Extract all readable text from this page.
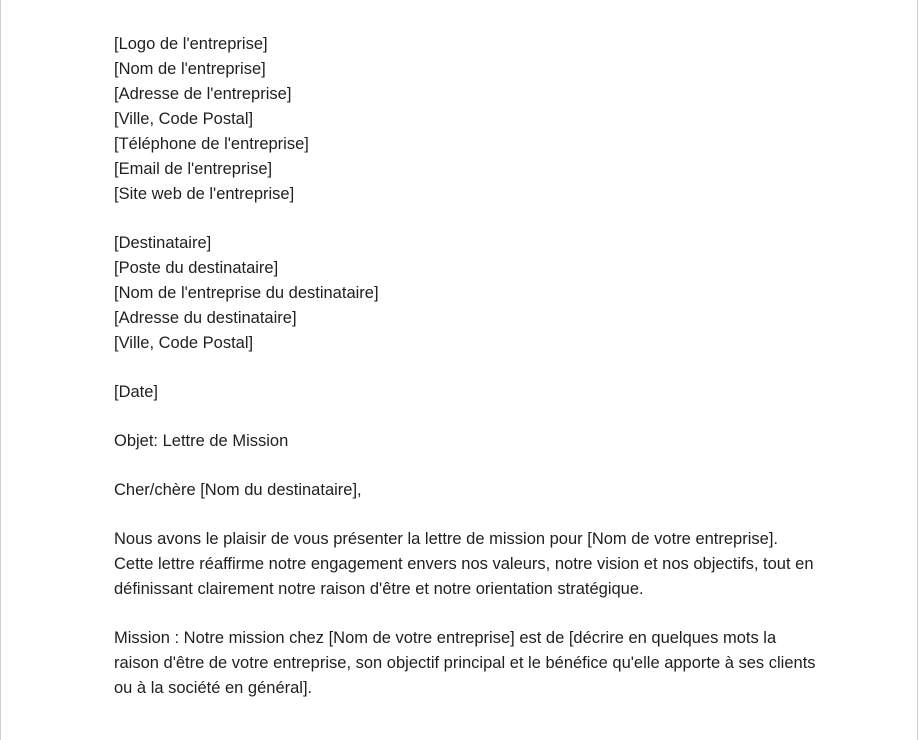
[Logo de l'entreprise]
[Nom de l'entreprise]
[Adresse de l'entreprise]
[Ville, Code Postal]
[Téléphone de l'entreprise]
[Email de l'entreprise]
[Site web de l'entreprise]
[Destinataire]
[Poste du destinataire]
[Nom de l'entreprise du destinataire]
[Adresse du destinataire]
[Ville, Code Postal]
[Date]
Objet: Lettre de Mission
Cher/chère [Nom du destinataire],

Nous avons le plaisir de vous présenter la lettre de mission pour [Nom de votre entreprise]. Cette lettre réaffirme notre engagement envers nos valeurs, notre vision et nos objectifs, tout en définissant clairement notre raison d'être et notre orientation stratégique.

Mission : Notre mission chez [Nom de votre entreprise] est de [décrire en quelques mots la raison d'être de votre entreprise, son objectif principal et le bénéfice qu'elle apporte à ses clients ou à la société en général].
